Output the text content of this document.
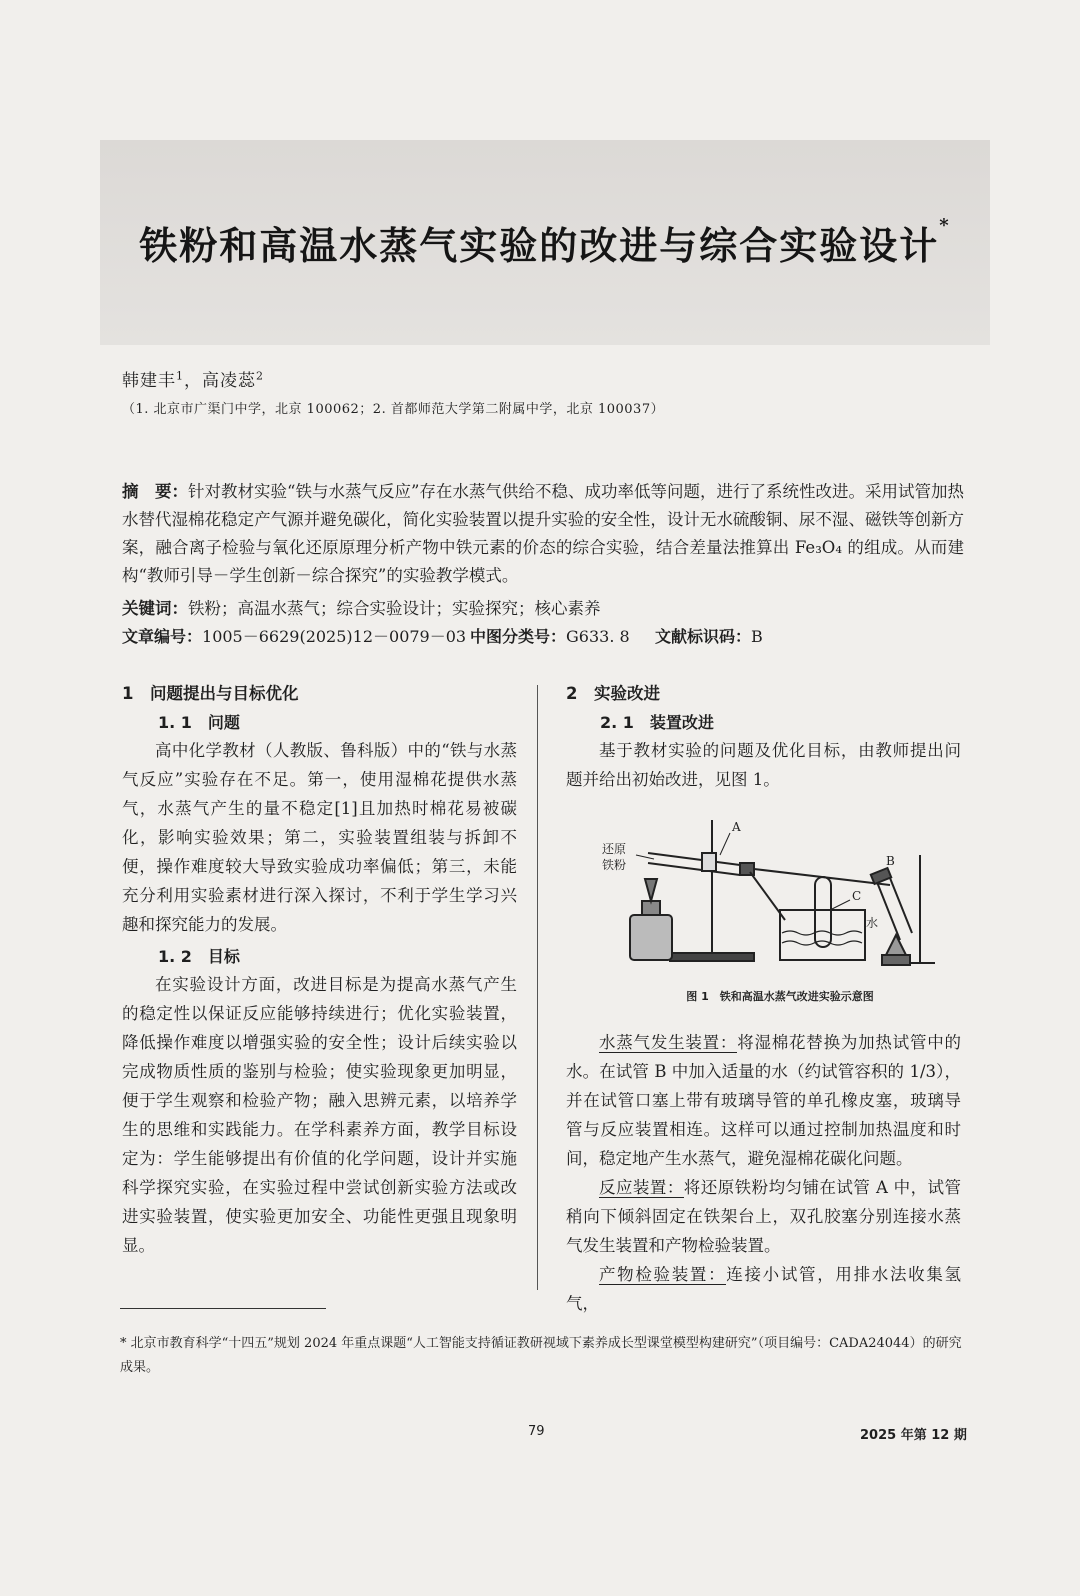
铁粉和高温水蒸气实验的改进与综合实验设计*
韩建丰$^1$，高凌蕊$^2$
（1. 北京市广渠门中学，北京 100062；2. 首都师范大学第二附属中学，北京 100037）
摘　要：针对教材实验“铁与水蒸气反应”存在水蒸气供给不稳、成功率低等问题，进行了系统性改进。采用试管加热水替代湿棉花稳定产气源并避免碳化，简化实验装置以提升实验的安全性，设计无水硫酸铜、尿不湿、磁铁等创新方案，融合离子检验与氧化还原原理分析产物中铁元素的价态的综合实验，结合差量法推算出 Fe₃O₄ 的组成。从而建构“教师引导－学生创新－综合探究”的实验教学模式。
关键词：铁粉；高温水蒸气；综合实验设计；实验探究；核心素养
文章编号：1005－6629(2025)12－0079－03 中图分类号：G633. 8 文献标识码：B
1　问题提出与目标优化
1. 1　问题

高中化学教材（人教版、鲁科版）中的“铁与水蒸气反应”实验存在不足。第一，使用湿棉花提供水蒸气，水蒸气产生的量不稳定[1]且加热时棉花易被碳化，影响实验效果；第二，实验装置组装与拆卸不便，操作难度较大导致实验成功率偏低；第三，未能充分利用实验素材进行深入探讨，不利于学生学习兴趣和探究能力的发展。

1. 2　目标

在实验设计方面，改进目标是为提高水蒸气产生的稳定性以保证反应能够持续进行；优化实验装置，降低操作难度以增强实验的安全性；设计后续实验以完成物质性质的鉴别与检验；使实验现象更加明显，便于学生观察和检验产物；融入思辨元素，以培养学生的思维和实践能力。在学科素养方面，教学目标设定为：学生能够提出有价值的化学问题，设计并实施科学探究实验，在实验过程中尝试创新实验方法或改进实验装置，使实验更加安全、功能性更强且现象明显。

2　实验改进
2. 1　装置改进

基于教材实验的问题及优化目标，由教师提出问题并给出初始改进，见图 1。

A
B
C
还原
铁粉
水
图 1　铁和高温水蒸气改进实验示意图

水蒸气发生装置：将湿棉花替换为加热试管中的水。在试管 B 中加入适量的水（约试管容积的 1/3），并在试管口塞上带有玻璃导管的单孔橡皮塞，玻璃导管与反应装置相连。这样可以通过控制加热温度和时间，稳定地产生水蒸气，避免湿棉花碳化问题。

反应装置：将还原铁粉均匀铺在试管 A 中，试管稍向下倾斜固定在铁架台上，双孔胶塞分别连接水蒸气发生装置和产物检验装置。

产物检验装置：连接小试管，用排水法收集氢气，

* 北京市教育科学“十四五”规划 2024 年重点课题“人工智能支持循证教研视域下素养成长型课堂模型构建研究”（项目编号：CADA24044）的研究成果。
79	2025 年第 12 期
